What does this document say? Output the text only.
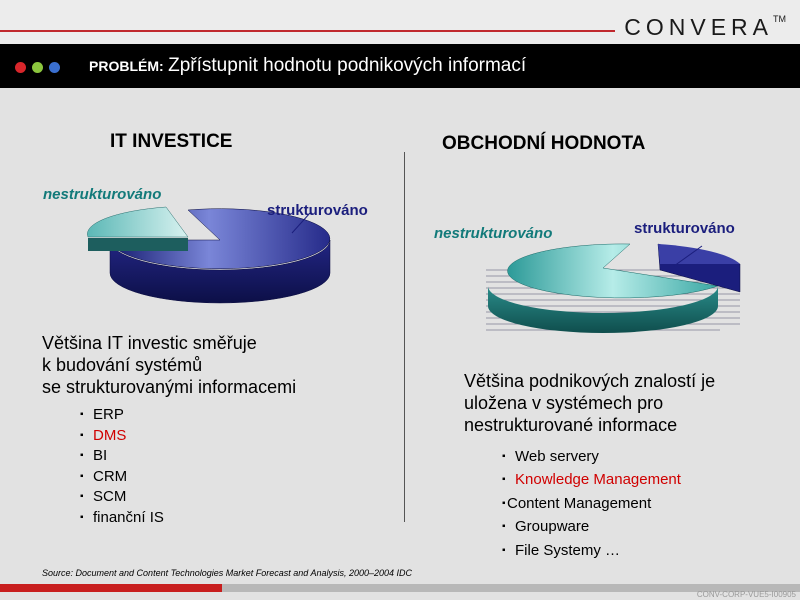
CONVERA™
PROBLÉM: Zpřístupnit hodnotu podnikových informací
IT INVESTICE	OBCHODNÍ HODNOTA
nestrukturováno
strukturováno
nestrukturováno	strukturováno
Většina IT investic směřuje
k budování systémů
se strukturovanými informacemi
▪ ERP
▪ DMS
▪ BI
▪ CRM
▪ SCM
▪ finanční IS
Většina podnikových znalostí je
uložena v systémech pro
nestrukturované informace
▪ Web servery
▪ Knowledge Management
▪ Content Management
▪ Groupware
▪ File Systemy …
Source: Document and Content Technologies Market Forecast and Analysis, 2000–2004 IDC
CONV-CORP-VUE5-I00905
